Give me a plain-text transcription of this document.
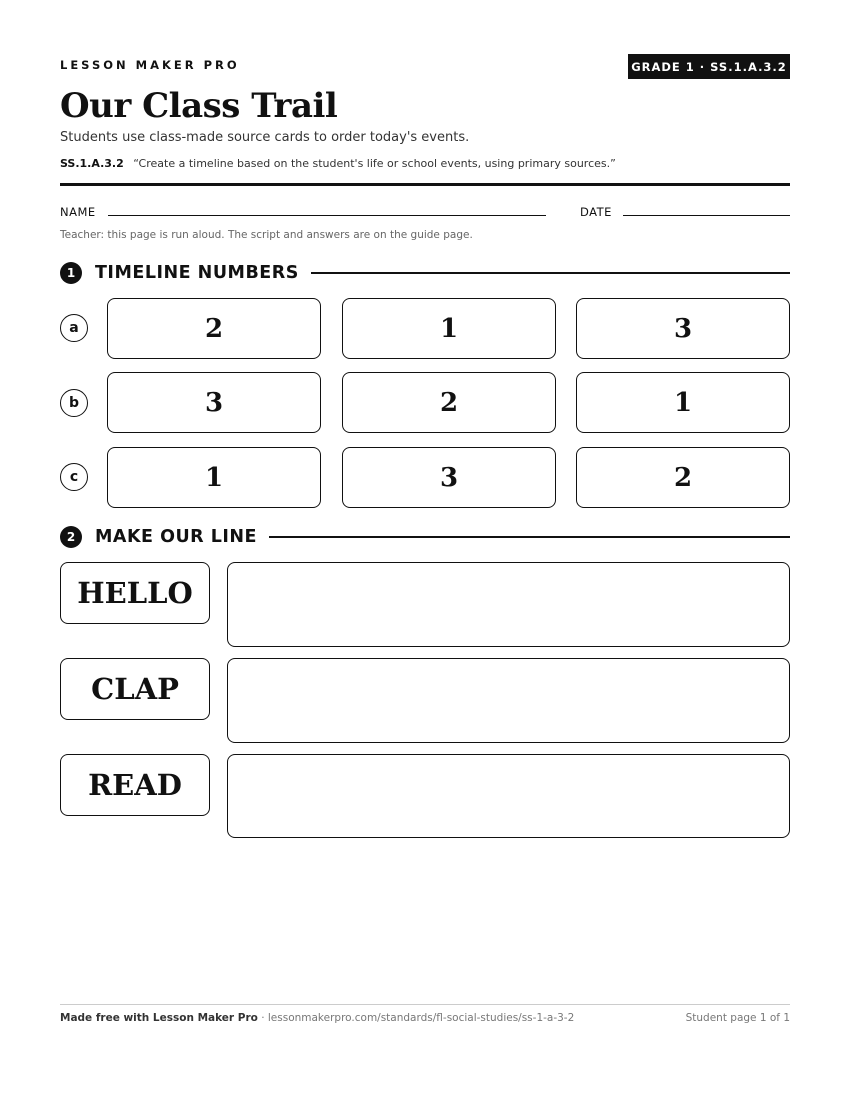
LESSON MAKER PRO	GRADE 1 · SS.1.A.3.2
Our Class Trail
Students use class-made source cards to order today's events.
SS.1.A.3.2 “Create a timeline based on the student's life or school events, using primary sources.”
NAME	DATE
Teacher: this page is run aloud. The script and answers are on the guide page.
1	TIMELINE NUMBERS
a	2	1	3
b	3	2	1
c	1	3	2
2	MAKE OUR LINE
HELLO
CLAP
READ
Made free with Lesson Maker Pro · lessonmakerpro.com/standards/fl-social-studies/ss-1-a-3-2	Student page 1 of 1
